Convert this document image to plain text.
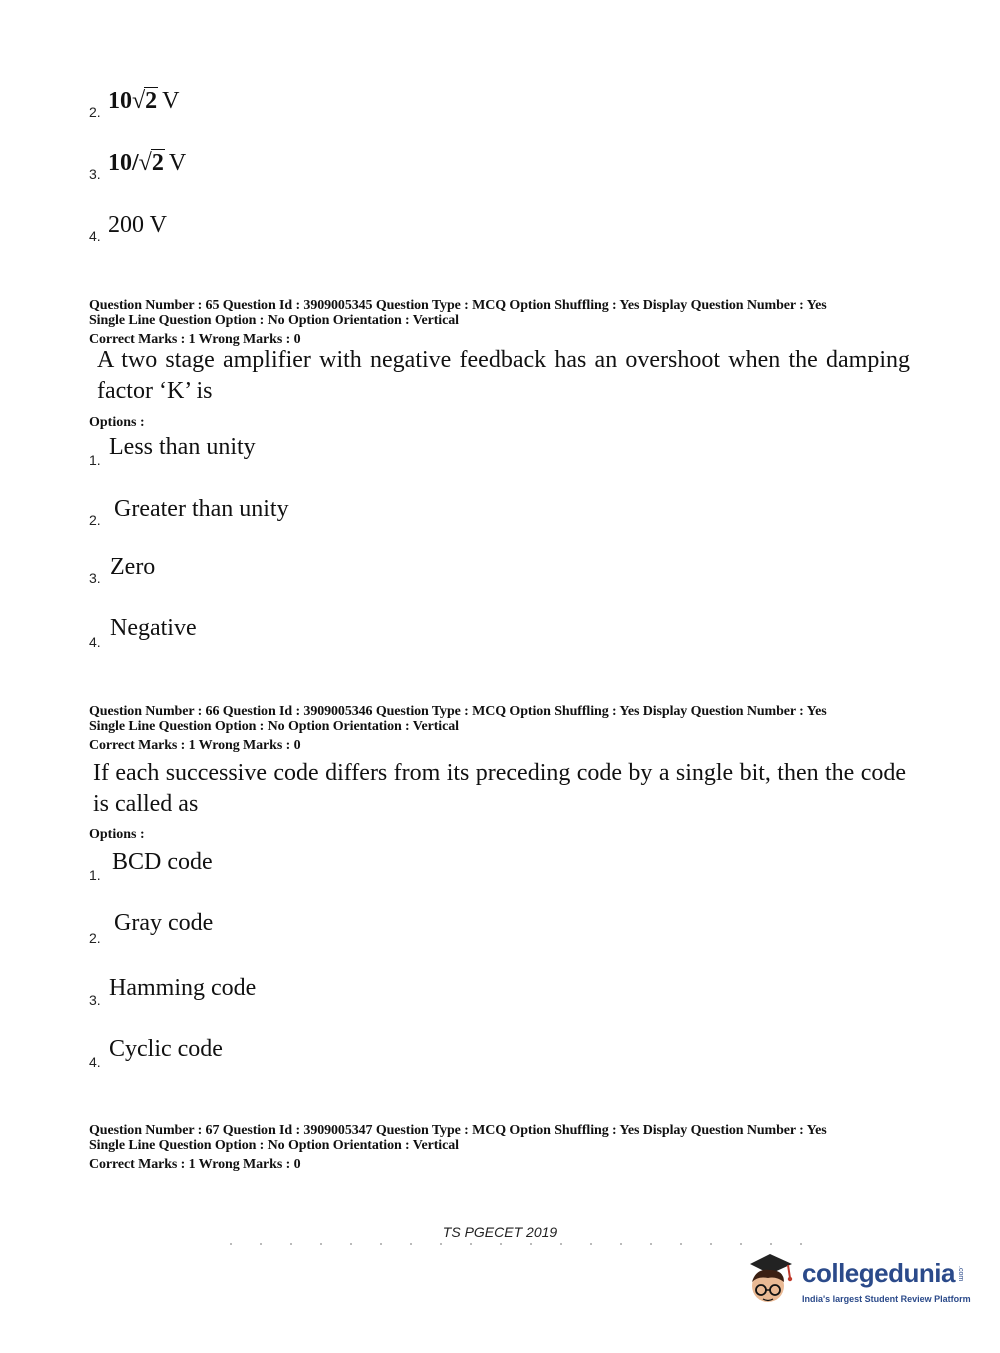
2. 10√2 V
3. 10/√2 V
4. 200 V
Question Number : 65 Question Id : 3909005345 Question Type : MCQ Option Shuffling : Yes Display Question Number : Yes
Single Line Question Option : No Option Orientation : Vertical
Correct Marks : 1 Wrong Marks : 0
A two stage amplifier with negative feedback has an overshoot when the damping factor ‘K’ is
Options :
1. Less than unity
2. Greater than unity
3. Zero
4.
Negative
Question Number : 66 Question Id : 3909005346 Question Type : MCQ Option Shuffling : Yes Display Question Number : Yes
Single Line Question Option : No Option Orientation : Vertical
Correct Marks : 1 Wrong Marks : 0
If each successive code differs from its preceding code by a single bit, then the code is called as
Options :
1. BCD code
2.
Gray code
3. Hamming code
4. Cyclic code
Question Number : 67 Question Id : 3909005347 Question Type : MCQ Option Shuffling : Yes Display Question Number : Yes
Single Line Question Option : No Option Orientation : Vertical
Correct Marks : 1 Wrong Marks : 0
TS PGECET 2019
collegedunia .com
India's largest Student Review Platform
